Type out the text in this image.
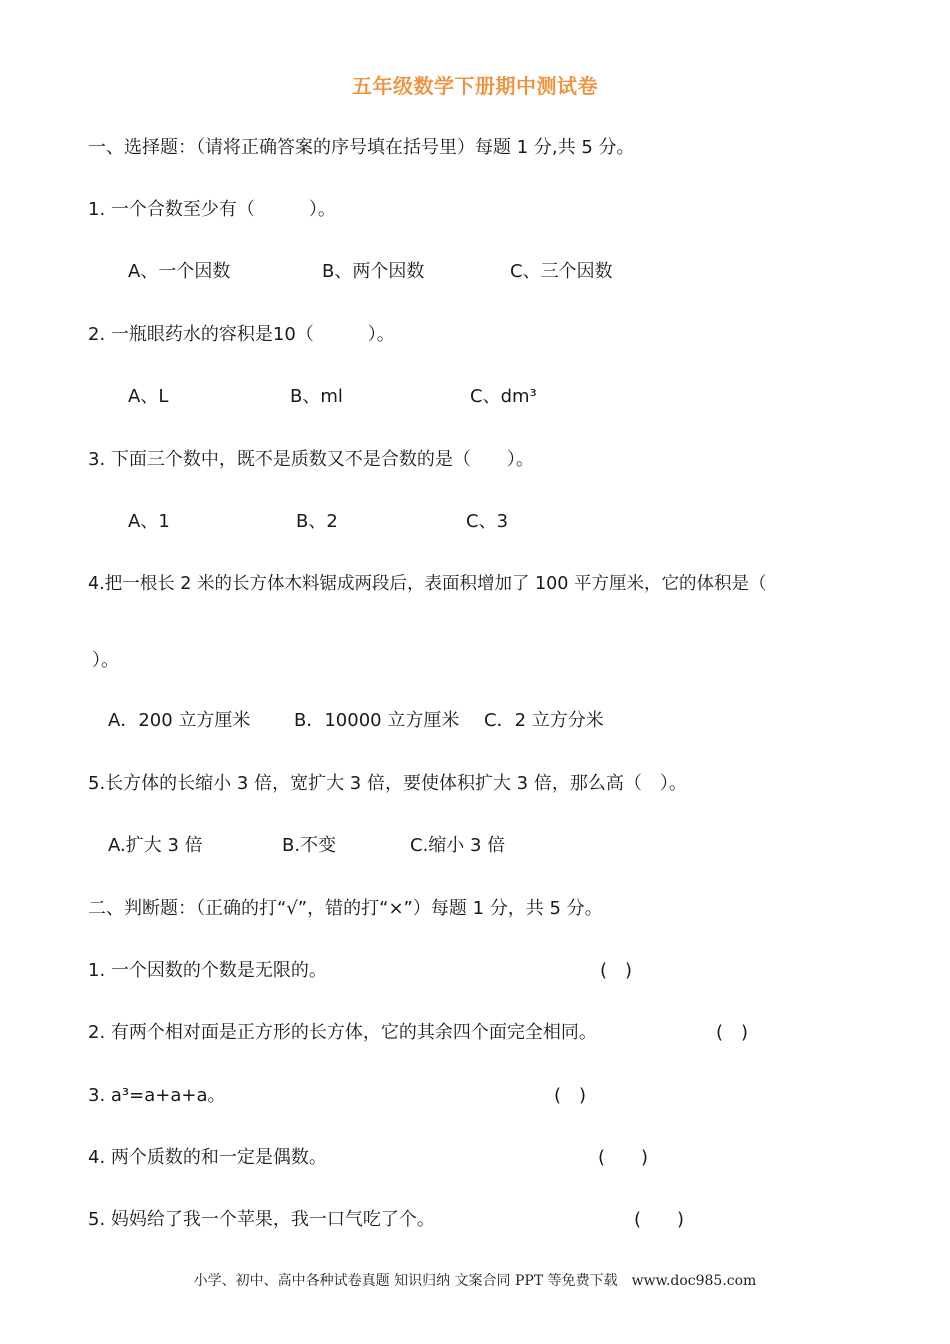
五年级数学下册期中测试卷
一、选择题：（请将正确答案的序号填在括号里）每题 1 分,共 5 分。
1. 一个合数至少有（　　　）。
A、一个因数	B、两个因数	C、三个因数
2. 一瓶眼药水的容积是10（　　　）。
A、L	B、ml	C、dm³
3. 下面三个数中，既不是质数又不是合数的是（　　）。
A、1	B、2	C、3
4.把一根长 2 米的长方体木料锯成两段后，表面积增加了 100 平方厘米，它的体积是（
）。
A．200 立方厘米 B．10000 立方厘米 C．2 立方分米
5.长方体的长缩小 3 倍，宽扩大 3 倍，要使体积扩大 3 倍，那么高（　）。
A.扩大 3 倍	B.不变	C.缩小 3 倍
二、判断题：（正确的打“√”，错的打“×”）每题 1 分，共 5 分。
1. 一个因数的个数是无限的。	(　)
2. 有两个相对面是正方形的长方体，它的其余四个面完全相同。	(　)
3. a³=a+a+a。	(　)
4. 两个质数的和一定是偶数。	(　　)
5. 妈妈给了我一个苹果，我一口气吃了个。	(　　)
小学、初中、高中各种试卷真题 知识归纳 文案合同 PPT 等免费下载　www.doc985.com
